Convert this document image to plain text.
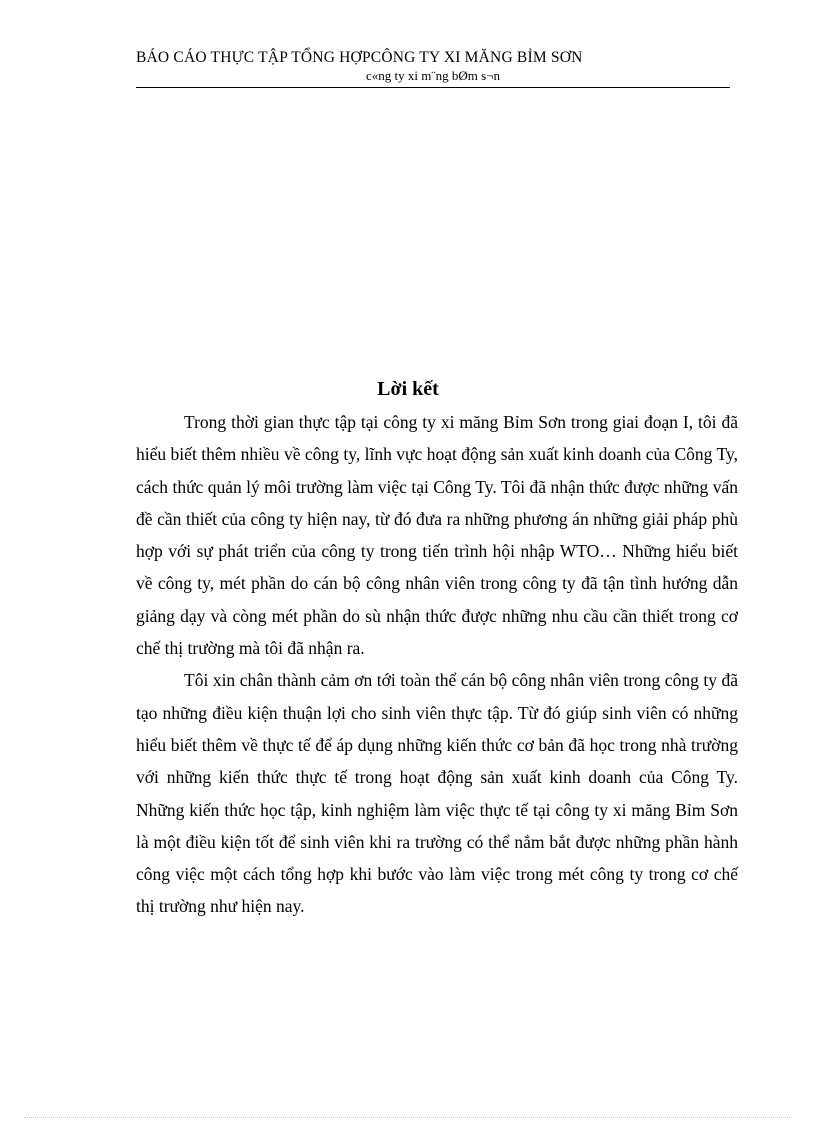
BÁO CÁO THỰC TẬP TỔNG HỢPCÔNG TY XI MĂNG BỈM SƠN
c«ng ty xi m¨ng bØm s¬n
Lời kết

Trong thời gian thực tập tại công ty xi măng Bỉm Sơn trong giai đoạn I, tôi đã hiểu biết thêm nhiều về công ty, lĩnh vực hoạt động sản xuất kinh doanh của Công Ty, cách thức quản lý môi trường làm việc tại Công Ty. Tôi đã nhận thức được những vấn đề cần thiết của công ty hiện nay, từ đó đưa ra những phương án những giải pháp phù hợp với sự phát triển của công ty trong tiến trình hội nhập WTO… Những hiểu biết về công ty, mét phần do cán bộ công nhân viên trong công ty đã tận tình hướng dẫn giảng dạy và còng mét phần do sù nhận thức được những nhu cầu cần thiết trong cơ chế thị trường mà tôi đã nhận ra.

Tôi xin chân thành cảm ơn tới toàn thể cán bộ công nhân viên trong công ty đã tạo những điều kiện thuận lợi cho sinh viên thực tập. Từ đó giúp sinh viên có những hiểu biết thêm về thực tế để áp dụng những kiến thức cơ bản đã học trong nhà trường với những kiến thức thực tế trong hoạt động sản xuất kinh doanh của Công Ty. Những kiến thức học tập, kinh nghiệm làm việc thực tế tại công ty xi măng Bỉm Sơn là một điều kiện tốt để sinh viên khi ra trường có thể nắm bắt được những phần hành công việc một cách tổng hợp khi bước vào làm việc trong mét công ty trong cơ chế thị trường như hiện nay.
